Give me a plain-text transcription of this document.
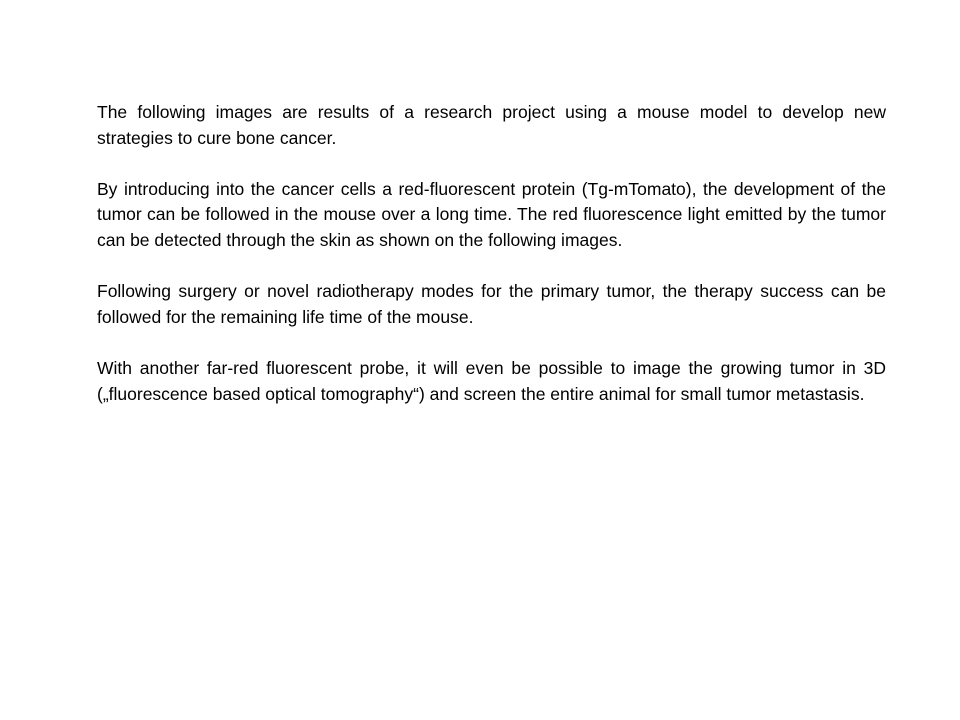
The following images are results of a research project using a mouse model to develop new strategies to cure bone cancer.

By introducing into the cancer cells a red-fluorescent protein (Tg-mTomato), the development of the tumor can be followed in the mouse over a long time. The red fluorescence light emitted by the tumor can be detected through the skin as shown on the following images.

Following surgery or novel radiotherapy modes for the primary tumor, the therapy success can be followed for the remaining life time of the mouse.

With another far-red fluorescent probe, it will even be possible to image the growing tumor in 3D („fluorescence based optical tomography“) and screen the entire animal for small tumor metastasis.
